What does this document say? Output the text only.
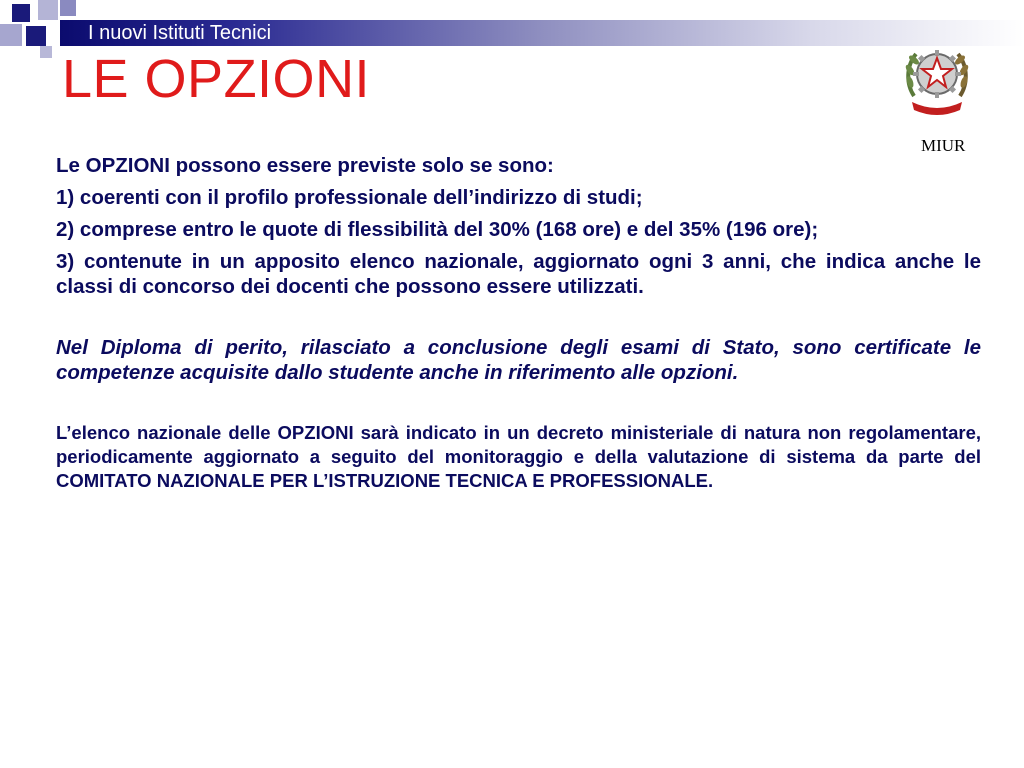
I nuovi Istituti Tecnici
LE OPZIONI
MIUR

Le OPZIONI possono essere previste solo se sono:

1) coerenti con il profilo professionale dell’indirizzo di studi;

2) comprese entro le quote di flessibilità del 30% (168 ore) e del 35% (196 ore);

3) contenute in un apposito elenco nazionale, aggiornato ogni 3 anni, che indica anche le classi di concorso dei docenti che possono essere utilizzati.

Nel Diploma di perito, rilasciato a conclusione degli esami di Stato, sono certificate le competenze acquisite dallo studente anche in riferimento alle opzioni.

L’elenco nazionale delle OPZIONI sarà indicato in un decreto ministeriale di natura non regolamentare, periodicamente aggiornato a seguito del monitoraggio e della valutazione di sistema da parte del COMITATO NAZIONALE PER L’ISTRUZIONE TECNICA E PROFESSIONALE.
